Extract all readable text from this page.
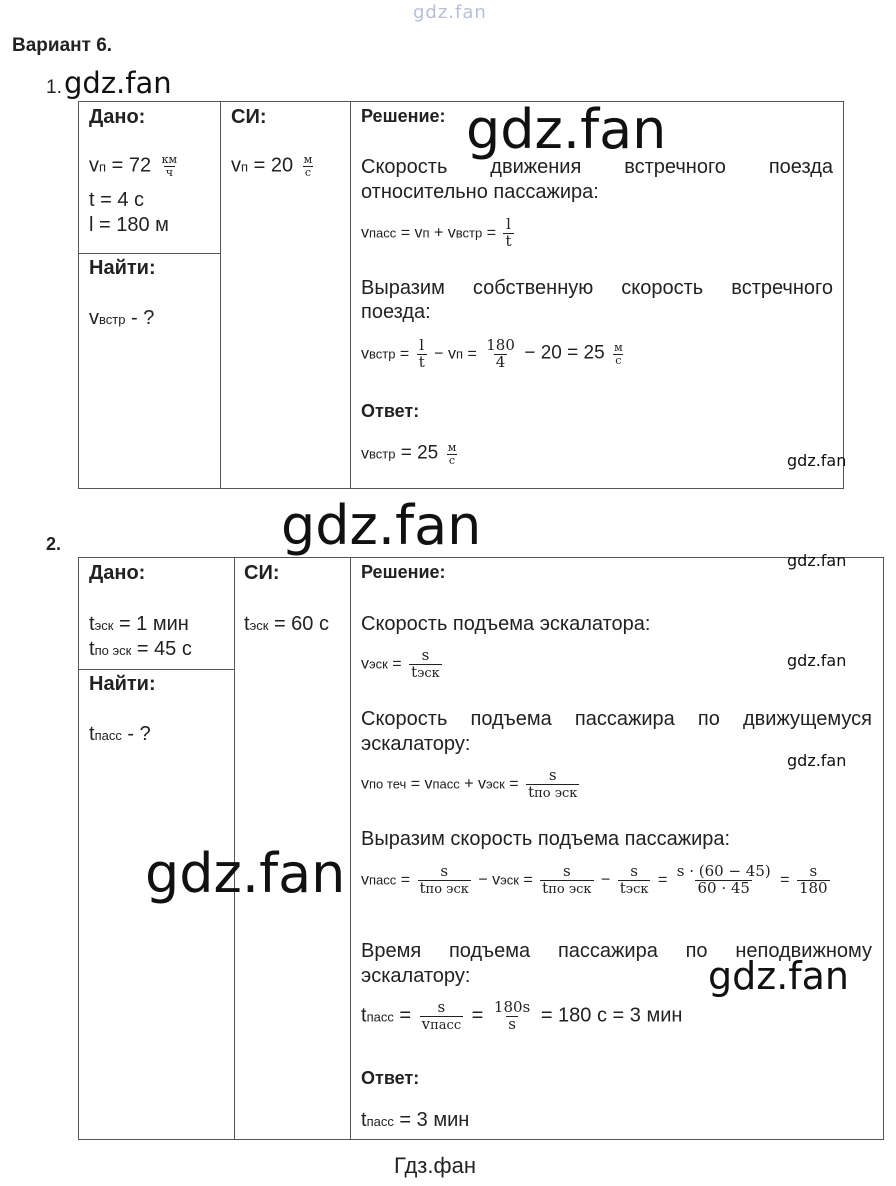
gdz.fan
Вариант 6.
1. gdz.fan
Дано:
vп = $72 \frac{км}{ч}$
t = 4 с
l = 180 м
Найти:
vвстр - ?
СИ:
vп = $20 \frac{м}{с}$
Решение:
Скорость движения встречного поезда
относительно пассажира:
vпасс = vп + vвстр = $\frac{l}{t}$
Выразим собственную скорость встречного
поезда:
vвстр = $\frac{l}{t}$ − vп = $\frac{180}{4} - 20 = 25 \frac{м}{с}$
Ответ:
vвстр = $25 \frac{м}{с}$
gdz.fan
gdz.fan
gdz.fan
2.
Дано:
tэск = 1 мин
tпо эск = 45 с
Найти:
tпасс - ?
СИ:
tэск = 60 с
Решение:
Скорость подъема эскалатора:
vэск = $\frac{s}{\text{tэск}}$
Скорость подъема пассажира по движущемуся
эскалатору:
vпо теч = vпасс + vэск = $\frac{s}{\text{tпо эск}}$
Выразим скорость подъема пассажира:
vпасс = $\frac{s}{\text{tпо эск}}$ − vэск = $\frac{s}{\text{tпо эск}} - \frac{s}{\text{tэск}} = \frac{s \cdot (60 - 45)}{60 \cdot 45} = \frac{s}{180}$
Время подъема пассажира по неподвижному
эскалатору:
tпасс = $\frac{s}{\text{vпасс}} = \frac{180s}{s} = 180$ с = 3 мин
Ответ:
tпасс = 3 мин
gdz.fan
gdz.fan
gdz.fan
gdz.fan
gdz.fan
Гдз.фан
